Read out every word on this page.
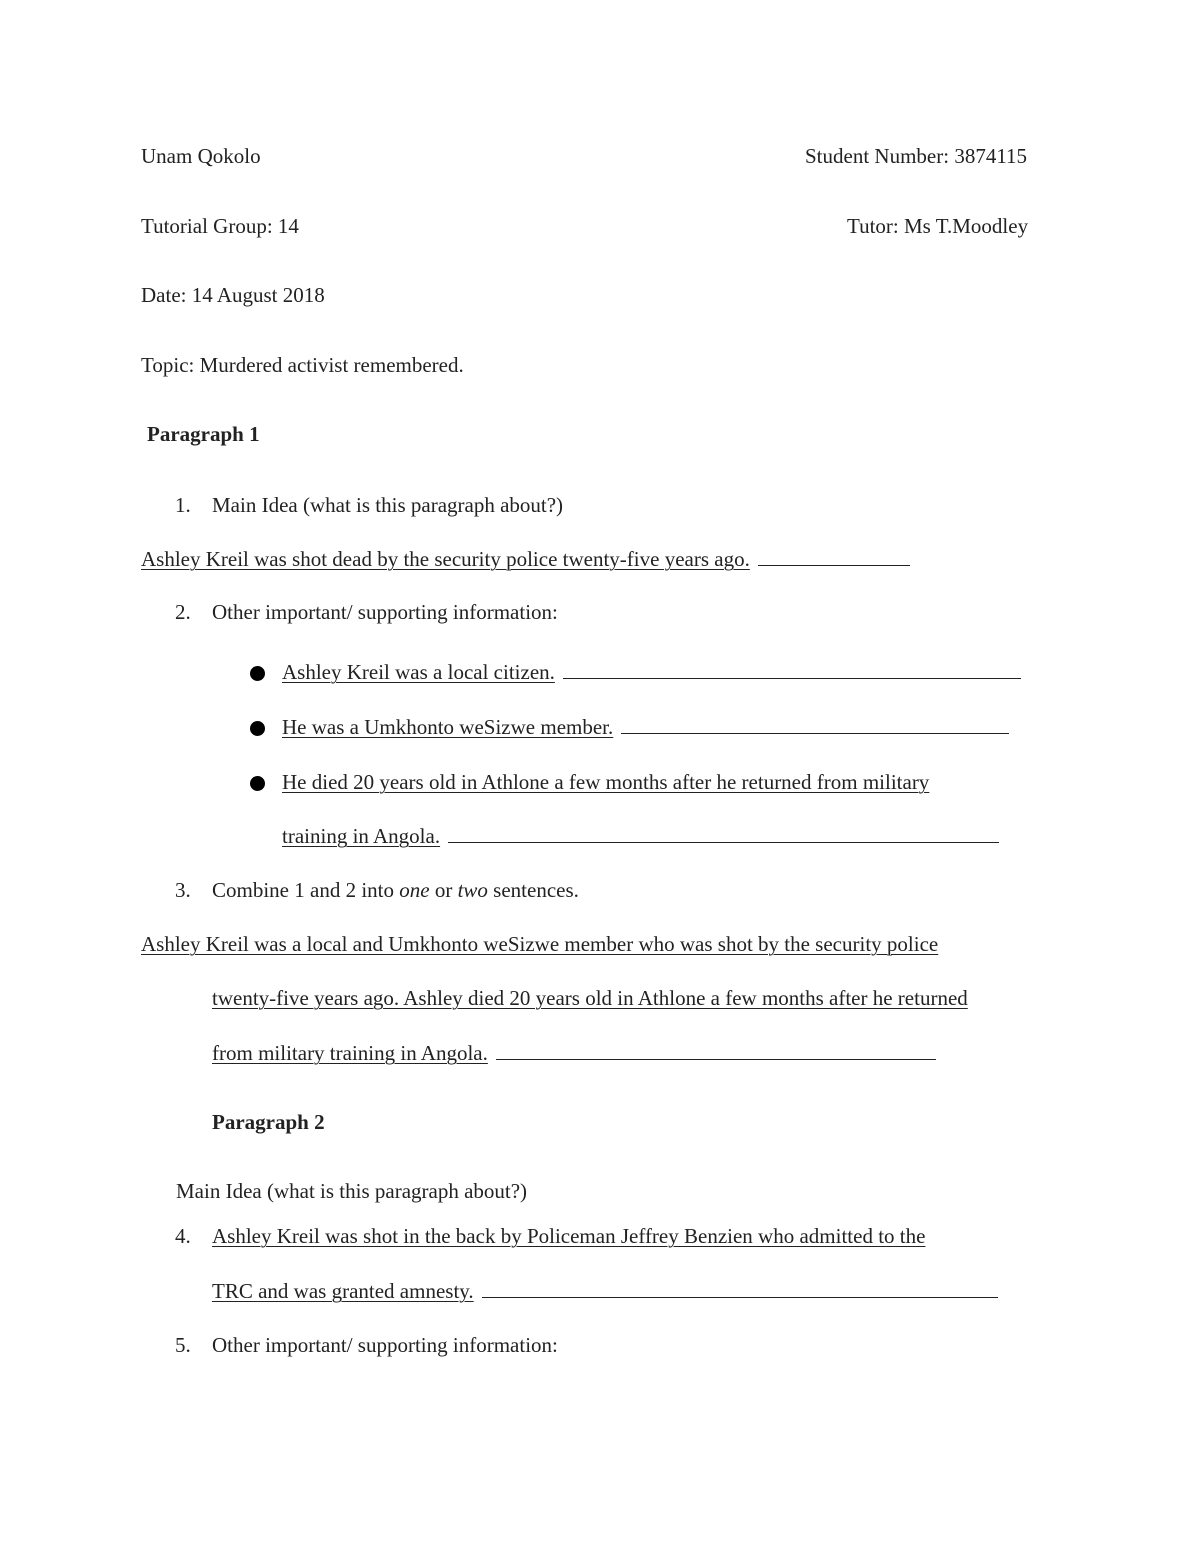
Unam Qokolo	Student Number: 3874115
Tutorial Group: 14	Tutor: Ms T.Moodley
Date: 14 August 2018
Topic: Murdered activist remembered.
Paragraph 1
1. Main Idea (what is this paragraph about?)
Ashley Kreil was shot dead by the security police twenty-five years ago.
2. Other important/ supporting information:
Ashley Kreil was a local citizen.
He was a Umkhonto weSizwe member.
He died 20 years old in Athlone a few months after he returned from military
training in Angola.
3. Combine 1 and 2 into one or two sentences.
Ashley Kreil was a local and Umkhonto weSizwe member who was shot by the security police
twenty-five years ago. Ashley died 20 years old in Athlone a few months after he returned
from military training in Angola.
Paragraph 2
Main Idea (what is this paragraph about?)
4. Ashley Kreil was shot in the back by Policeman Jeffrey Benzien who admitted to the
TRC and was granted amnesty.
5. Other important/ supporting information:
